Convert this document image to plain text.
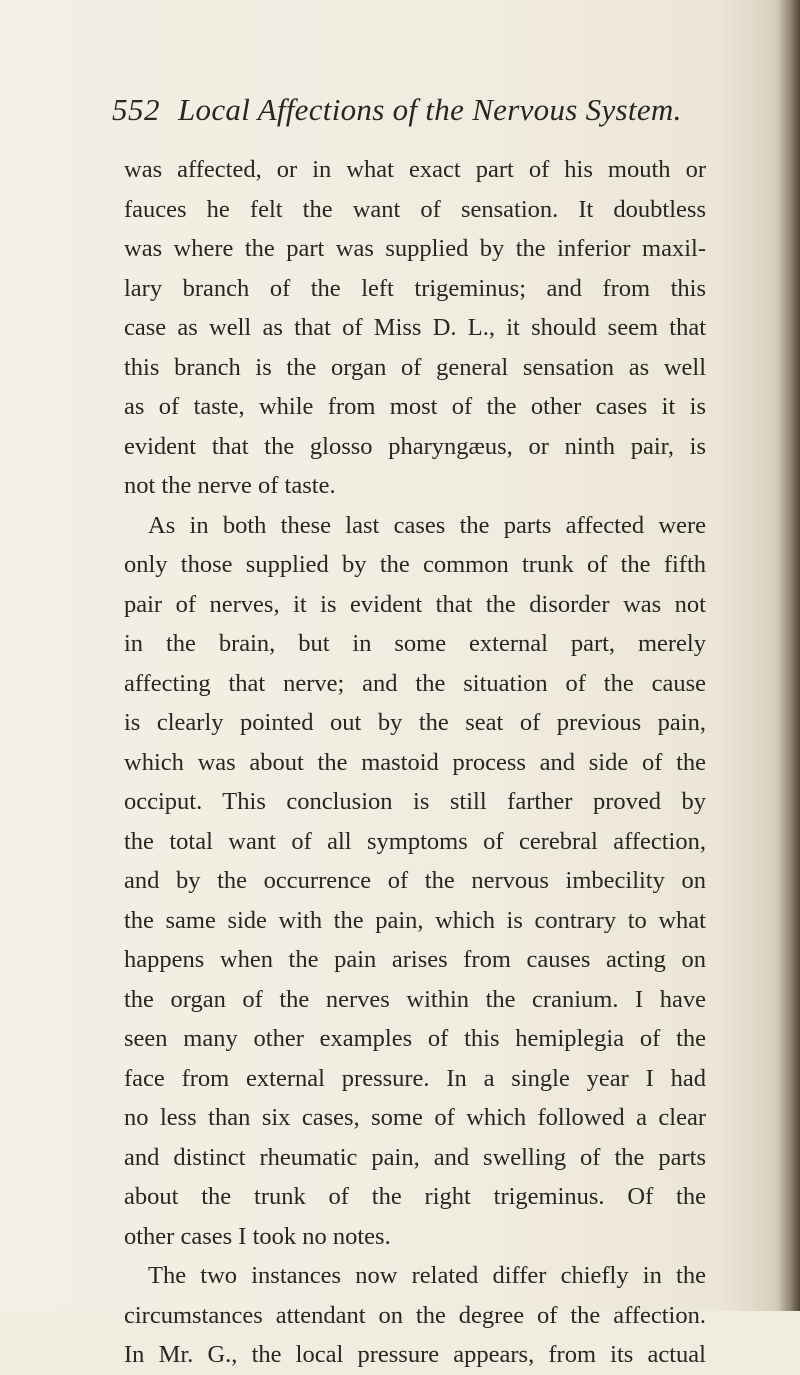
552 Local Affections of the Nervous System.
was affected, or in what exact part of his mouth or
fauces he felt the want of sensation. It doubtless
was where the part was supplied by the inferior maxil-
lary branch of the left trigeminus; and from this
case as well as that of Miss D. L., it should seem that
this branch is the organ of general sensation as well
as of taste, while from most of the other cases it is
evident that the glosso pharyngæus, or ninth pair, is
not the nerve of taste.
As in both these last cases the parts affected were
only those supplied by the common trunk of the fifth
pair of nerves, it is evident that the disorder was not
in the brain, but in some external part, merely
affecting that nerve; and the situation of the cause
is clearly pointed out by the seat of previous pain,
which was about the mastoid process and side of the
occiput. This conclusion is still farther proved by
the total want of all symptoms of cerebral affection,
and by the occurrence of the nervous imbecility on
the same side with the pain, which is contrary to what
happens when the pain arises from causes acting on
the organ of the nerves within the cranium. I have
seen many other examples of this hemiplegia of the
face from external pressure. In a single year I had
no less than six cases, some of which followed a clear
and distinct rheumatic pain, and swelling of the parts
about the trunk of the right trigeminus. Of the
other cases I took no notes.
The two instances now related differ chiefly in the
circumstances attendant on the degree of the affection.
In Mr. G., the local pressure appears, from its actual
